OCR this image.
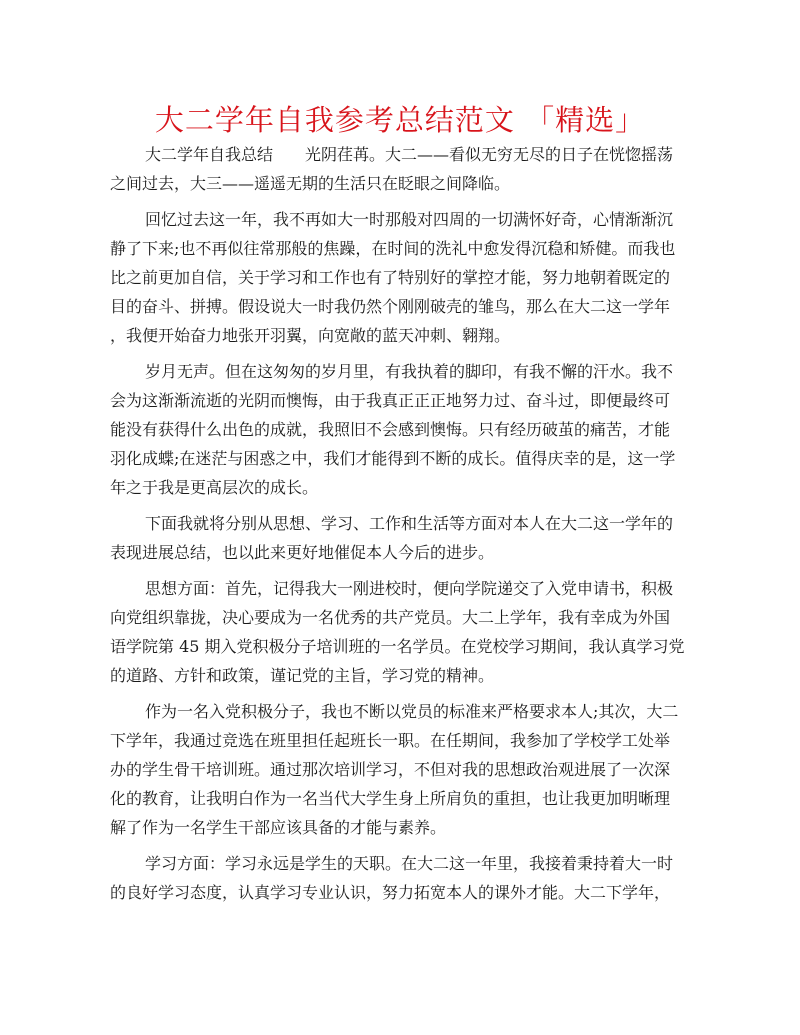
大二学年自我参考总结范文 「精选」
大二学年自我总结　　光阴荏苒。大二——看似无穷无尽的日子在恍惚摇荡
之间过去，大三——遥遥无期的生活只在眨眼之间降临。
回忆过去这一年，我不再如大一时那般对四周的一切满怀好奇，心情渐渐沉
静了下来;也不再似往常那般的焦躁，在时间的洗礼中愈发得沉稳和矫健。而我也
比之前更加自信，关于学习和工作也有了特别好的掌控才能，努力地朝着既定的
目的奋斗、拼搏。假设说大一时我仍然个刚刚破壳的雏鸟，那么在大二这一学年
，我便开始奋力地张开羽翼，向宽敞的蓝天冲刺、翱翔。
岁月无声。但在这匆匆的岁月里，有我执着的脚印，有我不懈的汗水。我不
会为这渐渐流逝的光阴而懊悔，由于我真正正正地努力过、奋斗过，即便最终可
能没有获得什么出色的成就，我照旧不会感到懊悔。只有经历破茧的痛苦，才能
羽化成蝶;在迷茫与困惑之中，我们才能得到不断的成长。值得庆幸的是，这一学
年之于我是更高层次的成长。
下面我就将分别从思想、学习、工作和生活等方面对本人在大二这一学年的
表现进展总结，也以此来更好地催促本人今后的进步。
思想方面：首先，记得我大一刚进校时，便向学院递交了入党申请书，积极
向党组织靠拢，决心要成为一名优秀的共产党员。大二上学年，我有幸成为外国
语学院第 45 期入党积极分子培训班的一名学员。在党校学习期间，我认真学习党
的道路、方针和政策，谨记党的主旨，学习党的精神。
作为一名入党积极分子，我也不断以党员的标准来严格要求本人;其次，大二
下学年，我通过竞选在班里担任起班长一职。在任期间，我参加了学校学工处举
办的学生骨干培训班。通过那次培训学习，不但对我的思想政治观进展了一次深
化的教育，让我明白作为一名当代大学生身上所肩负的重担，也让我更加明晰理
解了作为一名学生干部应该具备的才能与素养。
学习方面：学习永远是学生的天职。在大二这一年里，我接着秉持着大一时
的良好学习态度，认真学习专业认识，努力拓宽本人的课外才能。大二下学年，
